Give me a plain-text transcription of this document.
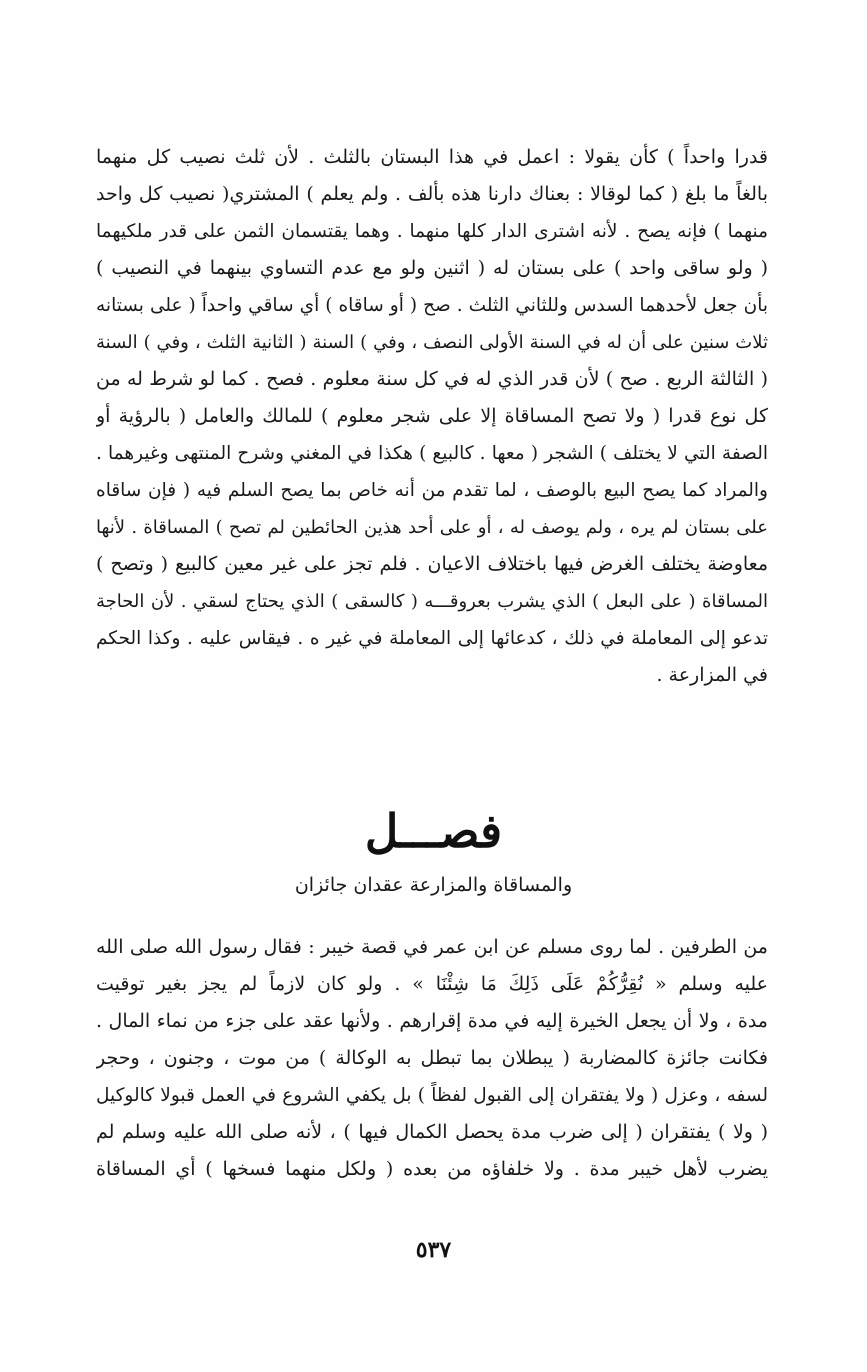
قدرا واحداً ) كأن يقولا : اعمل في هذا البستان بالثلث . لأن ثلث نصيب كل منهما
بالغاً ما بلغ ( كما لوقالا : بعناك دارنا هذه بألف . ولم يعلم ) المشتري( نصيب كل واحد
منهما ) فإنه يصح . لأنه اشترى الدار كلها منهما . وهما يقتسمان الثمن على قدر ملكيهما
( ولو ساقى واحد ) على بستان له ( اثنين ولو مع عدم التساوي بينهما في النصيب )
بأن جعل لأحدهما السدس وللثاني الثلث . صح ( أو ساقاه ) أي ساقي واحداً ( على بستانه
ثلاث سنين على أن له في السنة الأولى النصف ، وفي ) السنة ( الثانية الثلث ، وفي ) السنة
( الثالثة الربع . صح ) لأن قدر الذي له في كل سنة معلوم . فصح . كما لو شرط له من
كل نوع قدرا ( ولا تصح المساقاة إلا على شجر معلوم ) للمالك والعامل ( بالرؤية أو
الصفة التي لا يختلف ) الشجر ( معها . كالبيع ) هكذا في المغني وشرح المنتهى وغيرهما .
والمراد كما يصح البيع بالوصف ، لما تقدم من أنه خاص بما يصح السلم فيه ( فإن ساقاه
على بستان لم يره ، ولم يوصف له ، أو على أحد هذين الحائطين لم تصح ) المساقاة . لأنها
معاوضة يختلف الغرض فيها باختلاف الاعيان . فلم تجز على غير معين كالبيع ( وتصح )
المساقاة ( على البعل ) الذي يشرب بعروقـــه ( كالسقى ) الذي يحتاج لسقي . لأن الحاجة
تدعو إلى المعاملة في ذلك ، كدعائها إلى المعاملة في غير ه . فيقاس عليه . وكذا الحكم
في المزارعة .
فصـــل
والمساقاة والمزارعة عقدان جائزان
من الطرفين . لما روى مسلم عن ابن عمر في قصة خيبر : فقال رسول الله صلى الله
عليه وسلم « نُقِرُّكُمْ عَلَى ذَلِكَ مَا شِئْنَا » . ولو كان لازماً لم يجز بغير توقيت
مدة ، ولا أن يجعل الخيرة إليه في مدة إقرارهم . ولأنها عقد على جزء من نماء المال .
فكانت جائزة كالمضاربة ( يبطلان بما تبطل به الوكالة ) من موت ، وجنون ، وحجر
لسفه ، وعزل ( ولا يفتقران إلى القبول لفظاً ) بل يكفي الشروع في العمل قبولا كالوكيل
( ولا ) يفتقران ( إلى ضرب مدة يحصل الكمال فيها ) ، لأنه صلى الله عليه وسلم لم
يضرب لأهل خيبر مدة . ولا خلفاؤه من بعده ( ولكل منهما فسخها ) أي المساقاة
٥٣٧
